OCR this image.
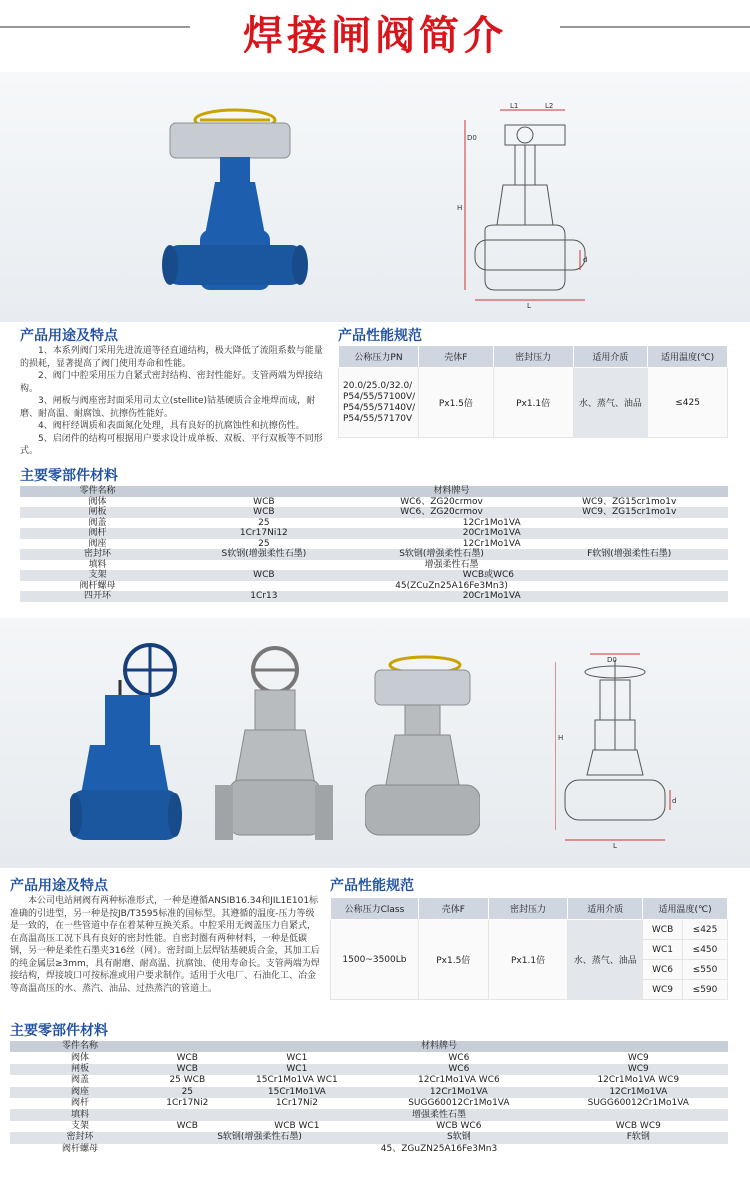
焊接闸阀简介
L1	L2
D0
H
d
L
产品用途及特点

1、本系列阀门采用先进流道等径直通结构，极大降低了流阻系数与能量的损耗，显著提高了阀门使用寿命和性能。

2、阀门中腔采用压力自紧式密封结构、密封性能好。支管两端为焊接结构。

3、闸板与阀座密封面采用司太立(stellite)钴基硬质合金堆焊而成，耐磨、耐高温、耐腐蚀、抗擦伤性能好。

4、阀杆经调质和表面氮化处理，具有良好的抗腐蚀性和抗擦伤性。

5、启闭件的结构可根据用户要求设计成单板、双板、平行双板等不同形式。

产品性能规范
公称压力PN	壳体F	密封压力	适用介质	适用温度(℃)

20.0/25.0/32.0/
P54/55/57100V/
P54/55/57140V/
P54/55/57170V	Px1.5倍	Px1.1倍	水、蒸气、油品	≤425
主要零部件材料
零件名称	材料牌号		
阀体	WCB	WC6、ZG20crmov	WC9、ZG15cr1mo1v
闸板	WCB	WC6、ZG20crmov	WC9、ZG15cr1mo1v
阀盖	25	12Cr1Mo1VA	
阀杆	1Cr17Ni12	20Cr1Mo1VA	
阀座	25	12Cr1Mo1VA	
密封环	S软钢(增强柔性石墨)	S软钢(增强柔性石墨)	F软钢(增强柔性石墨)
填料	增强柔性石墨		
支架	WCB	WCB或WC6	
阀杆螺母	45(ZCuZn25A16Fe3Mn3)		
四开环	1Cr13	20Cr1Mo1VA	
D0
H
d
L
产品用途及特点
本公司电站闸阀有两种标准形式，一种是遵循ANSIB16.34和JIL1E101标准确的引进型，另一种是按JB/T3595标准的国标型。其遵循的温度-压力等级是一致的，在一些管道中存在着某种互换关系。中腔采用无阀盖压力自紧式，在高温高压工况下具有良好的密封性能。自密封圈有两种材料，一种是低碳钢，另一种是柔性石墨夹316丝（网）。密封面上层焊钴基硬质合金，其加工后的纯金属层≥3mm，具有耐磨、耐高温、抗腐蚀、使用寿命长。支管两端为焊接结构，焊接坡口可按标准或用户要求制作。适用于火电厂、石油化工、冶金等高温高压的水、蒸汽、油品、过热蒸汽的管道上。
产品性能规范
公称压力Class	壳体F	密封压力	适用介质	适用温度(℃)	
1500~3500Lb	Px1.5倍	Px1.1倍	水、蒸气、油品	WCB	≤425
				WC1	≤450
				WC6	≤550
				WC9	≤590
主要零部件材料
零件名称	材料牌号			
阀体	WCB	WC1	WC6	WC9
闸板	WCB	WC1	WC6	WC9
阀盖	25 WCB	15Cr1Mo1VA WC1	12Cr1Mo1VA WC6	12Cr1Mo1VA WC9
阀座	25	15Cr1Mo1VA	12Cr1Mo1VA	12Cr1Mo1VA
阀杆	1Cr17Ni2	1Cr17Ni2	SUGG60012Cr1Mo1VA	SUGG60012Cr1Mo1VA
填料	增强柔性石墨			
支架	WCB	WCB WC1	WCB WC6	WCB WC9
密封环	S软钢(增强柔性石墨)		S软钢	F软钢
阀杆螺母	45、ZGuZN25A16Fe3Mn3			
